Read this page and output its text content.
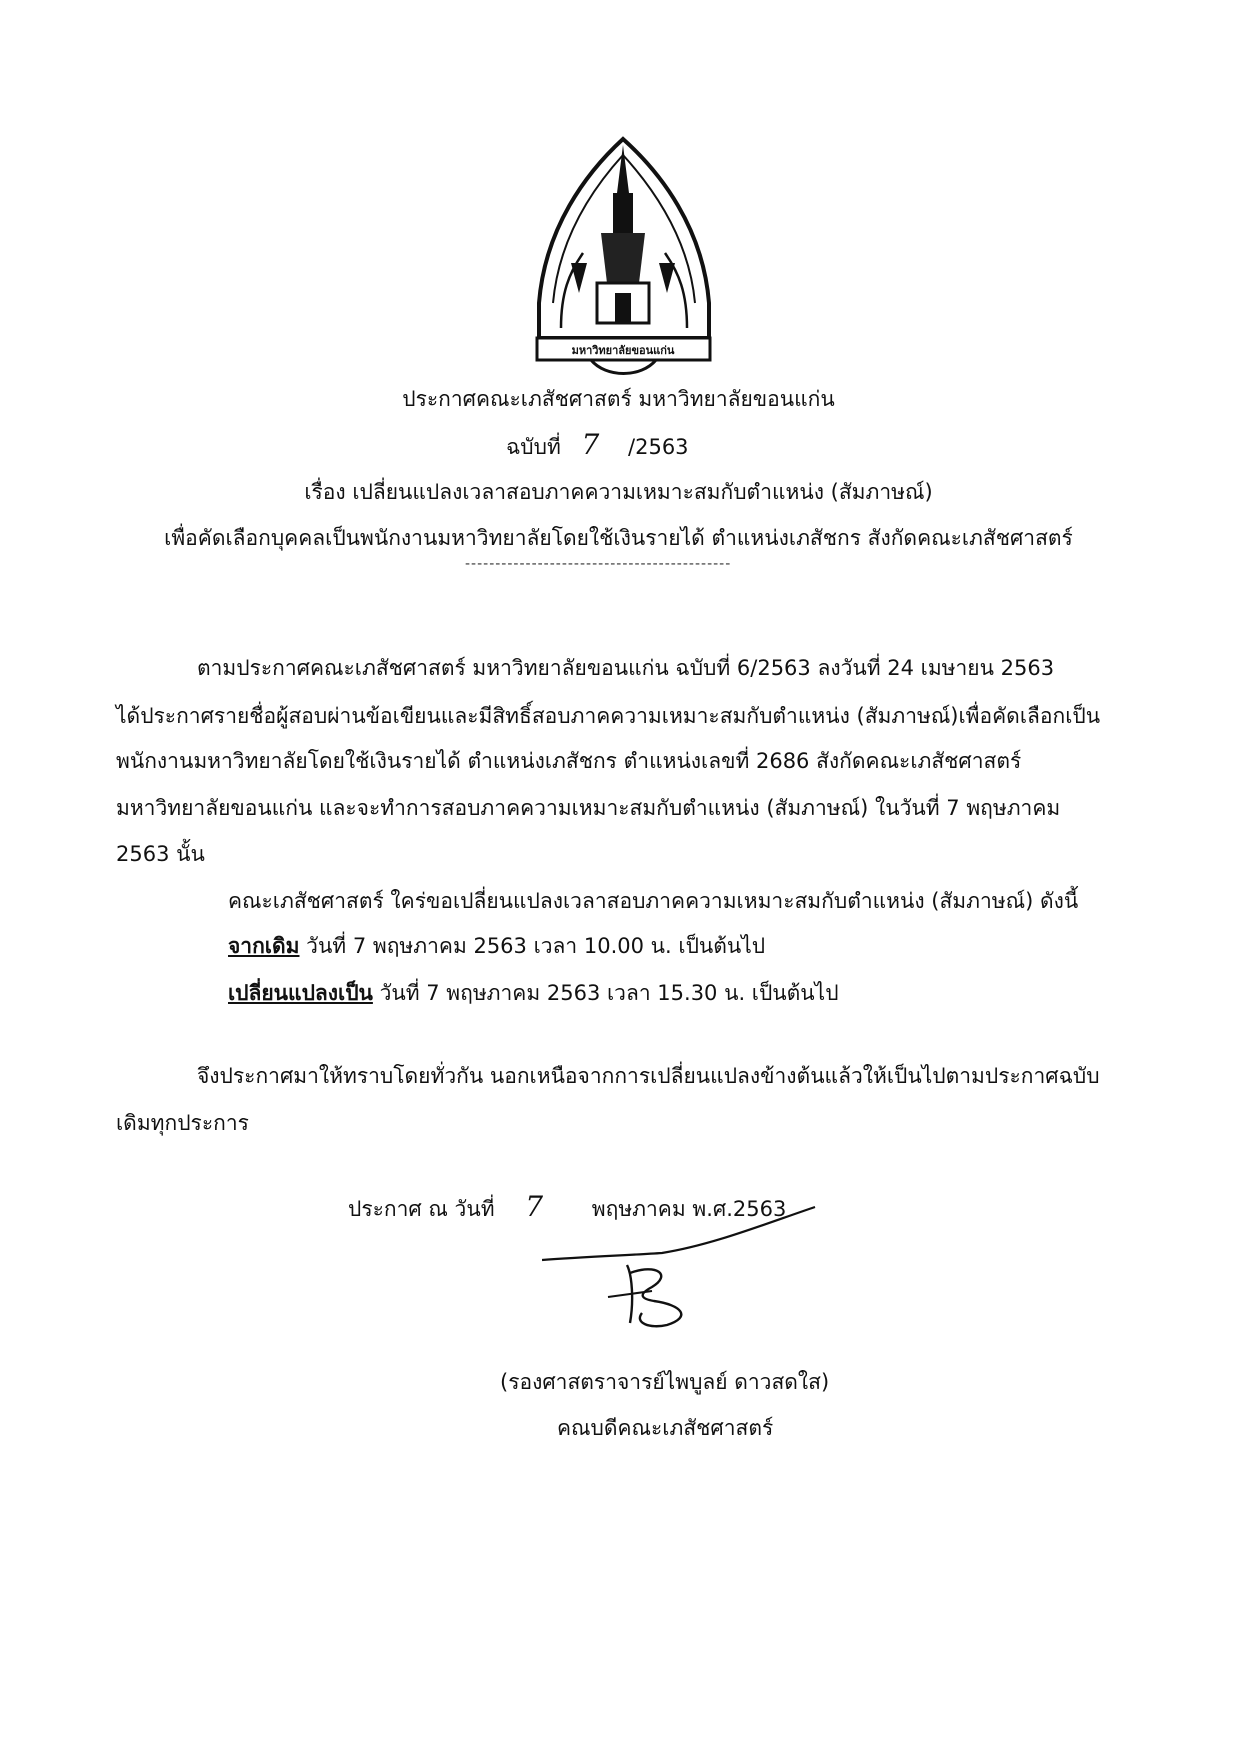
มหาวิทยาลัยขอนแก่น
ประกาศคณะเภสัชศาสตร์ มหาวิทยาลัยขอนแก่น
ฉบับที่ 7 /2563
เรื่อง เปลี่ยนแปลงเวลาสอบภาคความเหมาะสมกับตำแหน่ง (สัมภาษณ์)
เพื่อคัดเลือกบุคคลเป็นพนักงานมหาวิทยาลัยโดยใช้เงินรายได้ ตำแหน่งเภสัชกร สังกัดคณะเภสัชศาสตร์
--------------------------------------------
ตามประกาศคณะเภสัชศาสตร์ มหาวิทยาลัยขอนแก่น ฉบับที่ 6/2563 ลงวันที่ 24 เมษายน 2563
ได้ประกาศรายชื่อผู้สอบผ่านข้อเขียนและมีสิทธิ์สอบภาคความเหมาะสมกับตำแหน่ง (สัมภาษณ์)เพื่อคัดเลือกเป็น
พนักงานมหาวิทยาลัยโดยใช้เงินรายได้ ตำแหน่งเภสัชกร ตำแหน่งเลขที่ 2686 สังกัดคณะเภสัชศาสตร์
มหาวิทยาลัยขอนแก่น และจะทำการสอบภาคความเหมาะสมกับตำแหน่ง (สัมภาษณ์) ในวันที่ 7 พฤษภาคม
2563 นั้น
คณะเภสัชศาสตร์ ใคร่ขอเปลี่ยนแปลงเวลาสอบภาคความเหมาะสมกับตำแหน่ง (สัมภาษณ์) ดังนี้
จากเดิม วันที่ 7 พฤษภาคม 2563 เวลา 10.00 น. เป็นต้นไป
เปลี่ยนแปลงเป็น วันที่ 7 พฤษภาคม 2563 เวลา 15.30 น. เป็นต้นไป
จึงประกาศมาให้ทราบโดยทั่วกัน นอกเหนือจากการเปลี่ยนแปลงข้างต้นแล้วให้เป็นไปตามประกาศฉบับ
เดิมทุกประการ
ประกาศ ณ วันที่ 7 พฤษภาคม พ.ศ.2563
(รองศาสตราจารย์ไพบูลย์ ดาวสดใส)
คณบดีคณะเภสัชศาสตร์
